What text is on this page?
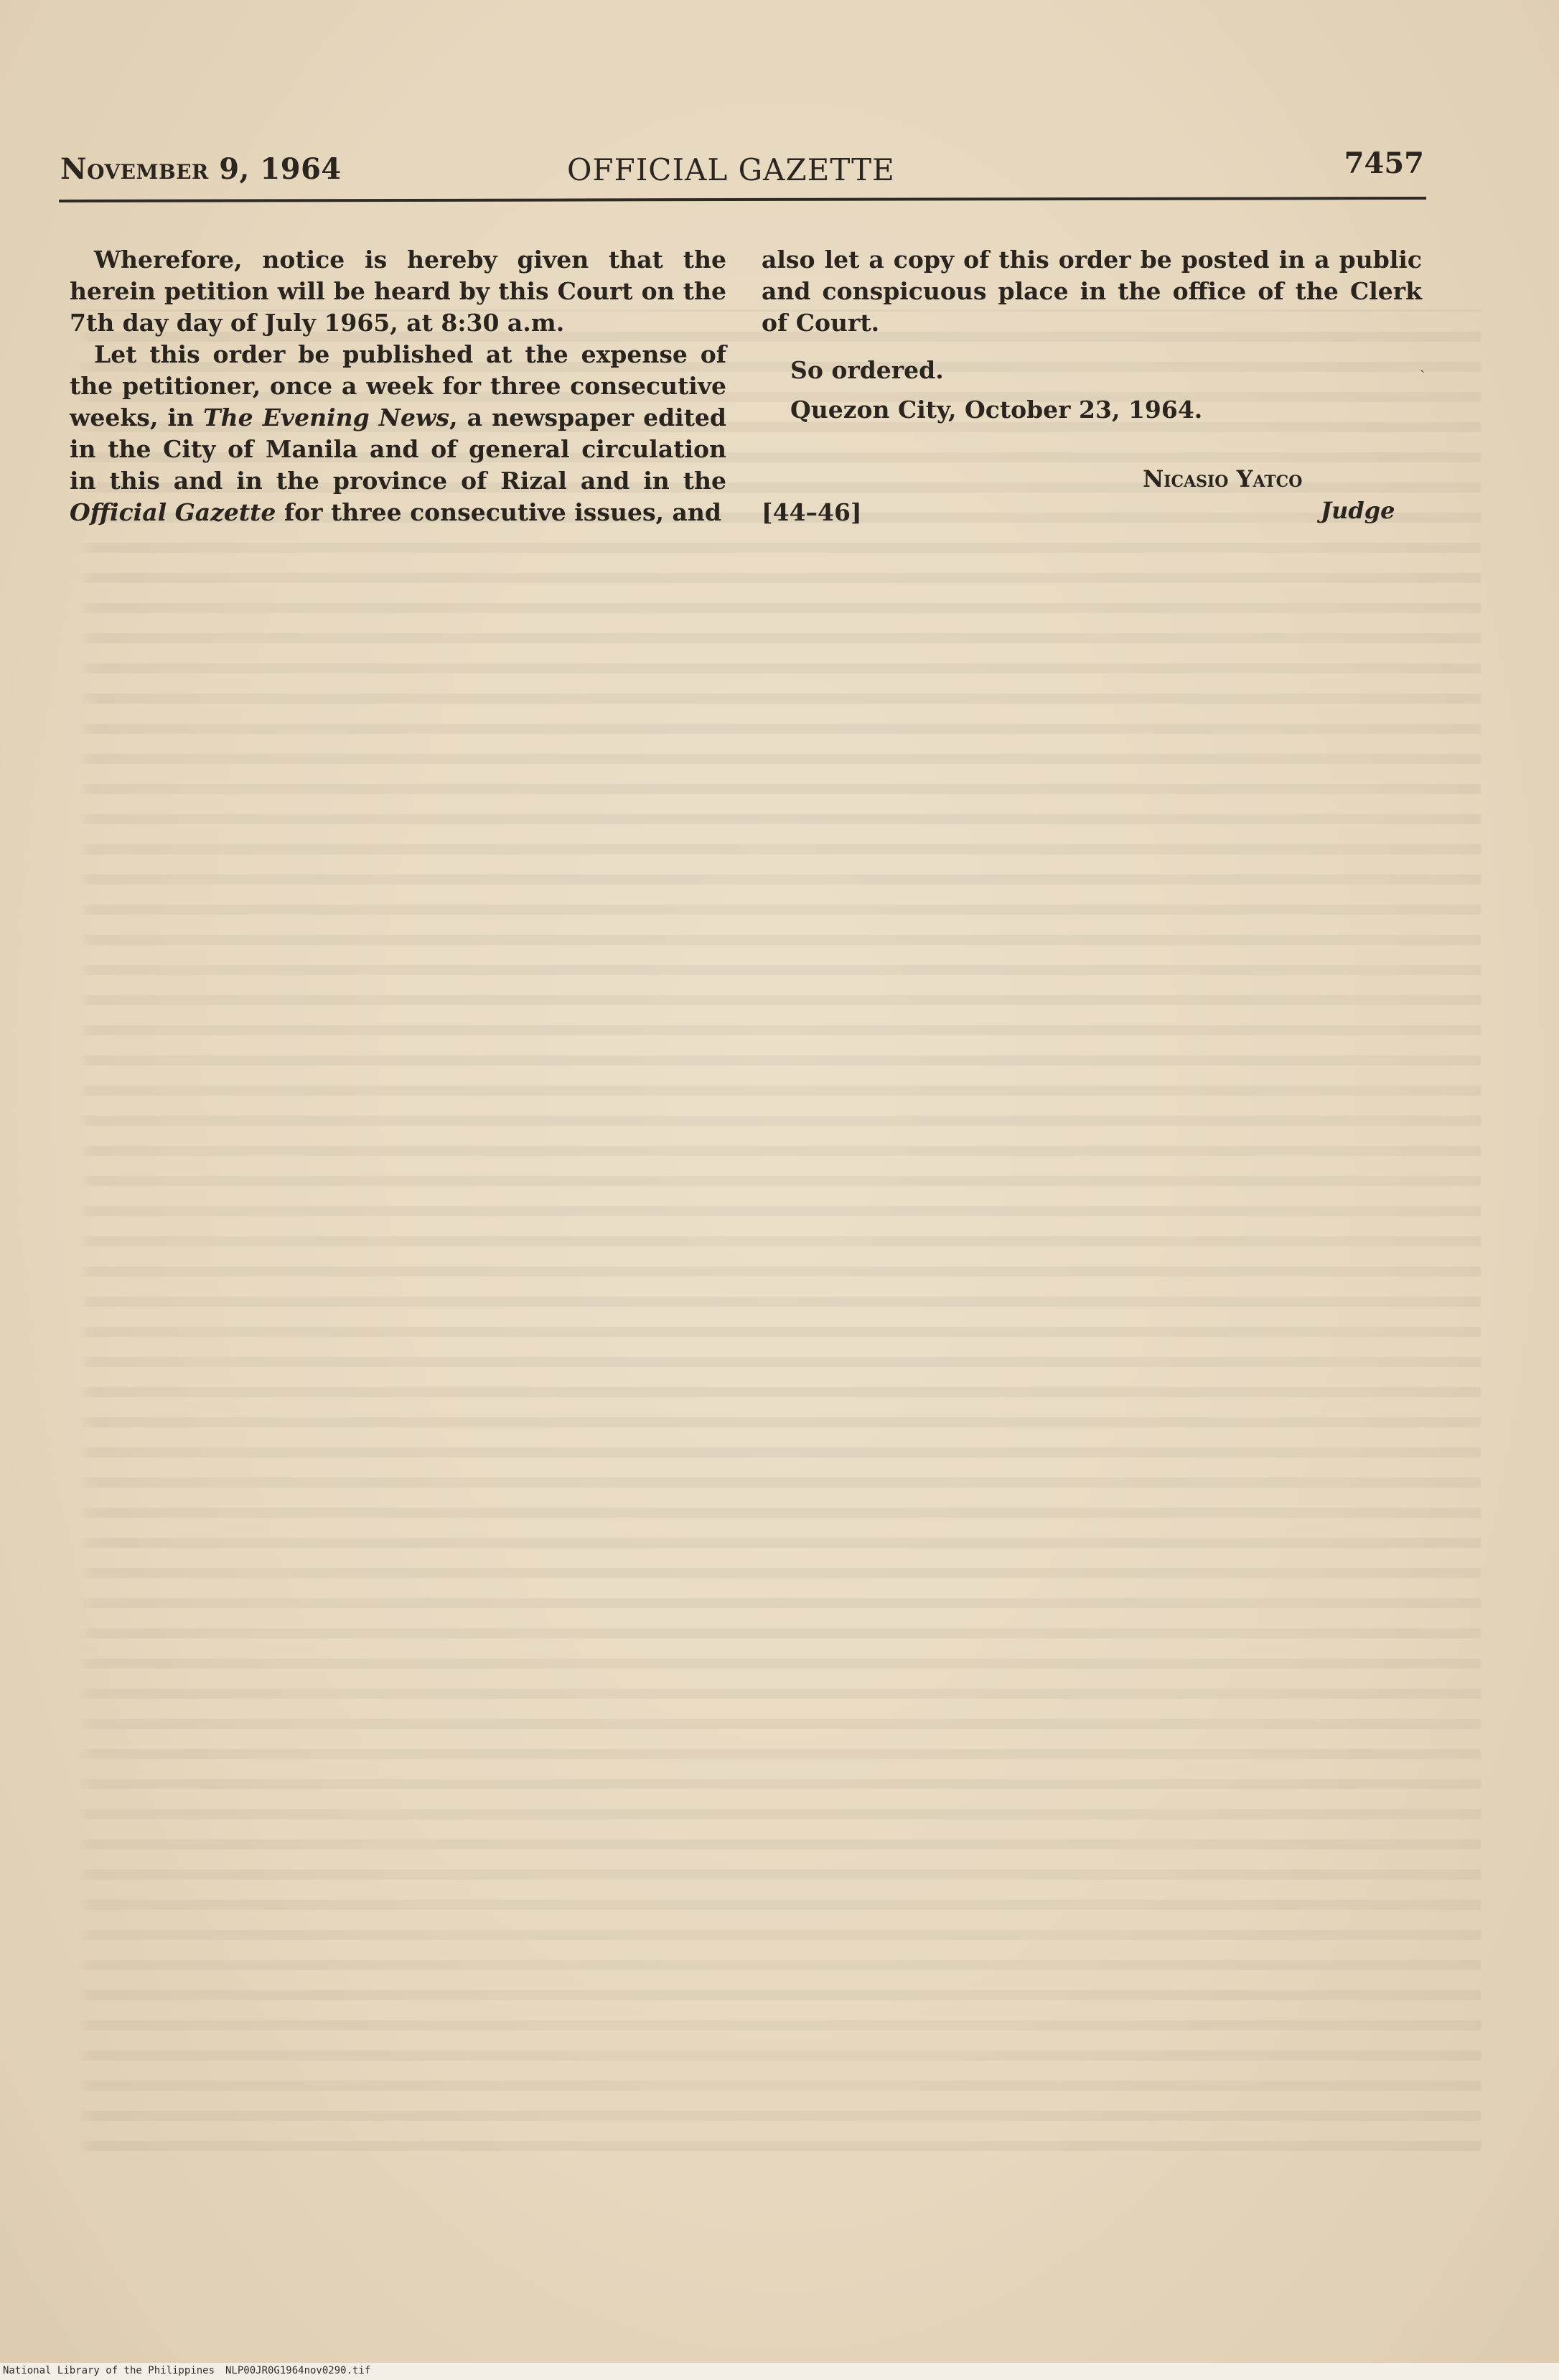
November 9, 1964	OFFICIAL GAZETTE	7457

Wherefore, notice is hereby given that the herein petition will be heard by this Court on the 7th day day of July 1965, at 8:30 a.m.

Let this order be published at the expense of the petitioner, once a week for three consecutive weeks, in The Evening News, a newspaper edited in the City of Manila and of general circulation in this and in the province of Rizal and in the Official Gazette for three consecutive issues, and

also let a copy of this order be posted in a public and conspicuous place in the office of the Clerk of Court.

So ordered.	ˎ
Quezon City, October 23, 1964.
Nicasio Yatco
[44–46]	Judge
National Library of the Philippines NLP00JR0G1964nov0290.tif
